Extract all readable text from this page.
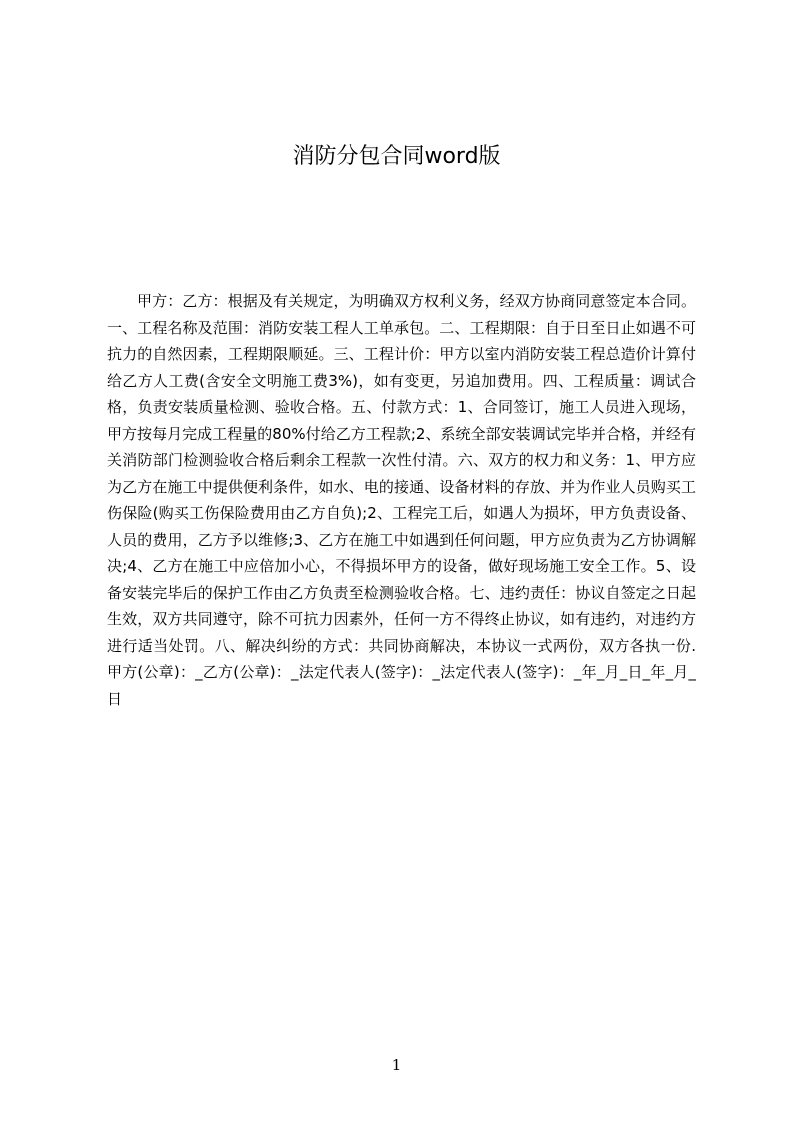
消防分包合同word版

甲方：乙方：根据及有关规定，为明确双方权利义务，经双方协商同意签定本合同。一、工程名称及范围：消防安装工程人工单承包。二、工程期限：自于日至日止如遇不可抗力的自然因素，工程期限顺延。三、工程计价：甲方以室内消防安装工程总造价计算付给乙方人工费(含安全文明施工费3%)，如有变更，另追加费用。四、工程质量：调试合格，负责安装质量检测、验收合格。五、付款方式：1、合同签订，施工人员进入现场，甲方按每月完成工程量的80%付给乙方工程款;2、系统全部安装调试完毕并合格，并经有关消防部门检测验收合格后剩余工程款一次性付清。六、双方的权力和义务：1、甲方应为乙方在施工中提供便利条件，如水、电的接通、设备材料的存放、并为作业人员购买工伤保险(购买工伤保险费用由乙方自负);2、工程完工后，如遇人为损坏，甲方负责设备、人员的费用，乙方予以维修;3、乙方在施工中如遇到任何问题，甲方应负责为乙方协调解决;4、乙方在施工中应倍加小心，不得损坏甲方的设备，做好现场施工安全工作。5、设备安装完毕后的保护工作由乙方负责至检测验收合格。七、违约责任：协议自签定之日起生效，双方共同遵守，除不可抗力因素外，任何一方不得终止协议，如有违约，对违约方进行适当处罚。八、解决纠纷的方式：共同协商解决，本协议一式两份，双方各执一份.甲方(公章)：_乙方(公章)：_法定代表人(签字)：_法定代表人(签字)：_年_月_日_年_月_日

1
